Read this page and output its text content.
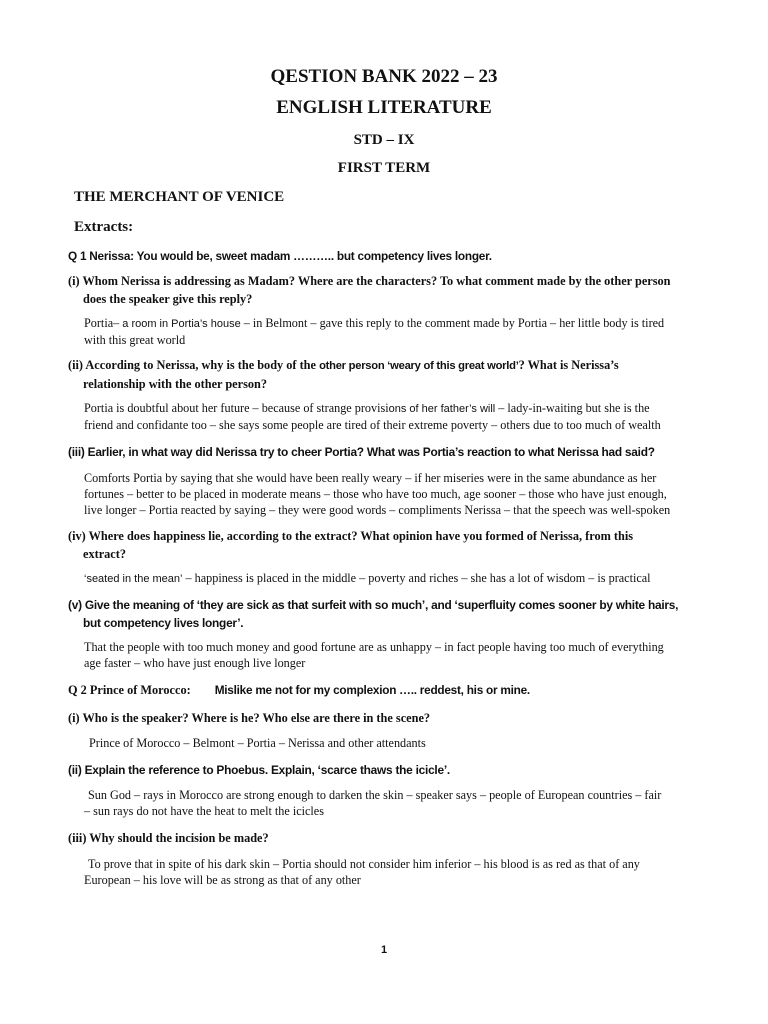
QESTION BANK 2022 – 23
ENGLISH LITERATURE
STD – IX
FIRST TERM
THE MERCHANT OF VENICE
Extracts:
Q 1 Nerissa: You would be, sweet madam ……….. but competency lives longer.
(i) Whom Nerissa is addressing as Madam? Where are the characters? To what comment made by the other person
does the speaker give this reply?
Portia– a room in Portia’s house – in Belmont – gave this reply to the comment made by Portia – her little body is tired
with this great world
(ii) According to Nerissa, why is the body of the other person ‘weary of this great world’? What is Nerissa’s
relationship with the other person?
Portia is doubtful about her future – because of strange provisions of her father’s will – lady-in-waiting but she is the
friend and confidante too – she says some people are tired of their extreme poverty – others due to too much of wealth
(iii) Earlier, in what way did Nerissa try to cheer Portia? What was Portia’s reaction to what Nerissa had said?
Comforts Portia by saying that she would have been really weary – if her miseries were in the same abundance as her
fortunes – better to be placed in moderate means – those who have too much, age sooner – those who have just enough,
live longer – Portia reacted by saying – they were good words – compliments Nerissa – that the speech was well-spoken
(iv) Where does happiness lie, according to the extract? What opinion have you formed of Nerissa, from this
extract?
‘seated in the mean’ – happiness is placed in the middle – poverty and riches – she has a lot of wisdom – is practical
(v) Give the meaning of ‘they are sick as that surfeit with so much’, and ‘superfluity comes sooner by white hairs,
but competency lives longer’.
That the people with too much money and good fortune are as unhappy – in fact people having too much of everything
age faster – who have just enough live longer
Q 2 Prince of Morocco: Mislike me not for my complexion ….. reddest, his or mine.
(i) Who is the speaker? Where is he? Who else are there in the scene?
Prince of Morocco – Belmont – Portia – Nerissa and other attendants
(ii) Explain the reference to Phoebus. Explain, ‘scarce thaws the icicle’.
Sun God – rays in Morocco are strong enough to darken the skin – speaker says – people of European countries – fair
– sun rays do not have the heat to melt the icicles
(iii) Why should the incision be made?
To prove that in spite of his dark skin – Portia should not consider him inferior – his blood is as red as that of any
European – his love will be as strong as that of any other
1
